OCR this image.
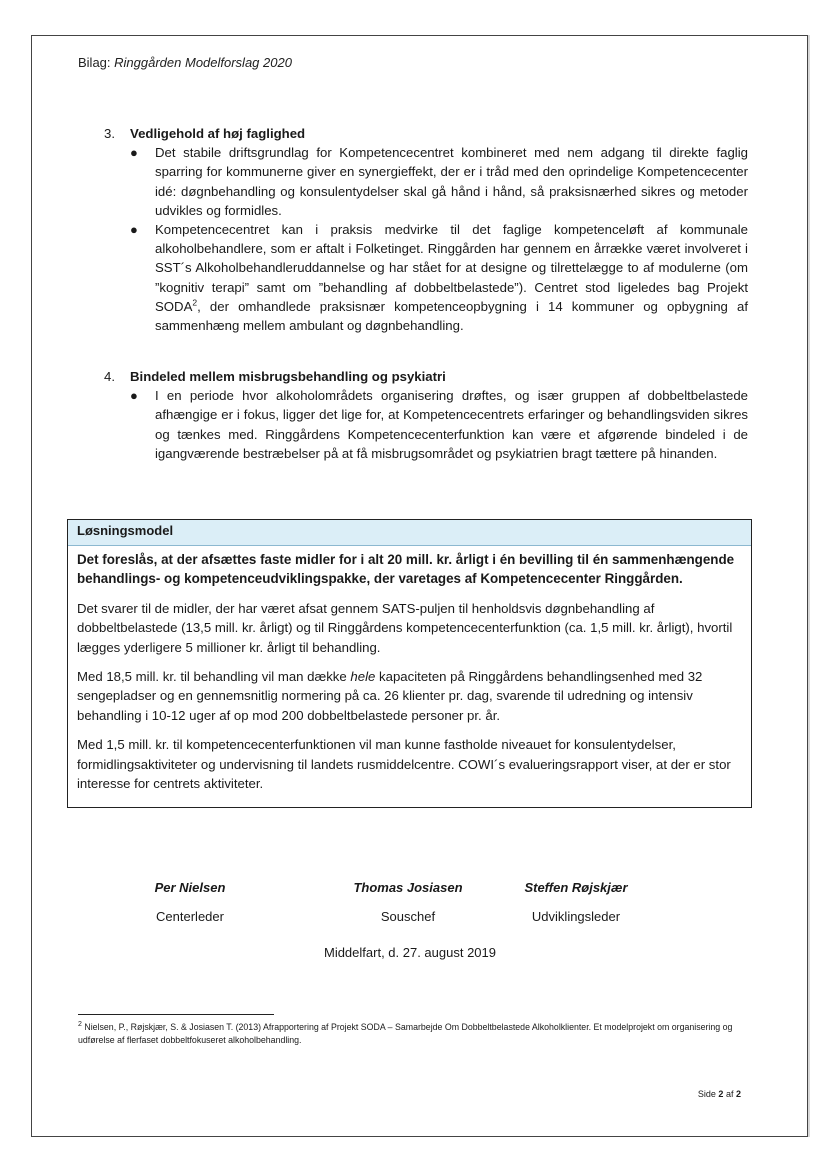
Bilag: Ringgården Modelforslag 2020
3.	Vedligehold af høj faglighed
● Det stabile driftsgrundlag for Kompetencecentret kombineret med nem adgang til direkte faglig sparring for kommunerne giver en synergieffekt, der er i tråd med den oprindelige Kompetencecenter idé: døgnbehandling og konsulentydelser skal gå hånd i hånd, så praksisnærhed sikres og metoder udvikles og formidles.
● Kompetencecentret kan i praksis medvirke til det faglige kompetenceløft af kommunale alkoholbehandlere, som er aftalt i Folketinget. Ringgården har gennem en årrække været involveret i SST´s Alkoholbehandleruddannelse og har stået for at designe og tilrettelægge to af modulerne (om ”kognitiv terapi” samt om ”behandling af dobbeltbelastede”). Centret stod ligeledes bag Projekt SODA$^2$, der omhandlede praksisnær kompetenceopbygning i 14 kommuner og opbygning af sammenhæng mellem ambulant og døgnbehandling.
4.	Bindeled mellem misbrugsbehandling og psykiatri
● I en periode hvor alkoholområdets organisering drøftes, og især gruppen af dobbeltbelastede afhængige er i fokus, ligger det lige for, at Kompetencecentrets erfaringer og behandlingsviden sikres og tænkes med. Ringgårdens Kompetencecenterfunktion kan være et afgørende bindeled i de igangværende bestræbelser på at få misbrugsområdet og psykiatrien bragt tættere på hinanden.
Løsningsmodel

Det foreslås, at der afsættes faste midler for i alt 20 mill. kr. årligt i én bevilling til én sammenhængende behandlings- og kompetenceudviklingspakke, der varetages af Kompetencecenter Ringgården.

Det svarer til de midler, der har været afsat gennem SATS-puljen til henholdsvis døgnbehandling af dobbeltbelastede (13,5 mill. kr. årligt) og til Ringgårdens kompetencecenterfunktion (ca. 1,5 mill. kr. årligt), hvortil lægges yderligere 5 millioner kr. årligt til behandling.

Med 18,5 mill. kr. til behandling vil man dække hele kapaciteten på Ringgårdens behandlingsenhed med 32 sengepladser og en gennemsnitlig normering på ca. 26 klienter pr. dag, svarende til udredning og intensiv behandling i 10-12 uger af op mod 200 dobbeltbelastede personer pr. år.

Med 1,5 mill. kr. til kompetencecenterfunktionen vil man kunne fastholde niveauet for konsulentydelser, formidlingsaktiviteter og undervisning til landets rusmiddelcentre. COWI´s evalueringsrapport viser, at der er stor interesse for centrets aktiviteter.

Per Nielsen
Centerleder
Thomas Josiasen
Souschef
Steffen Røjskjær
Udviklingsleder
Middelfart, d. 27. august 2019
$^2$ Nielsen, P., Røjskjær, S. & Josiasen T. (2013) Afrapportering af Projekt SODA – Samarbejde Om Dobbeltbelastede Alkoholklienter. Et modelprojekt om organisering og udførelse af flerfaset dobbeltfokuseret alkoholbehandling.
Side 2 af 2
